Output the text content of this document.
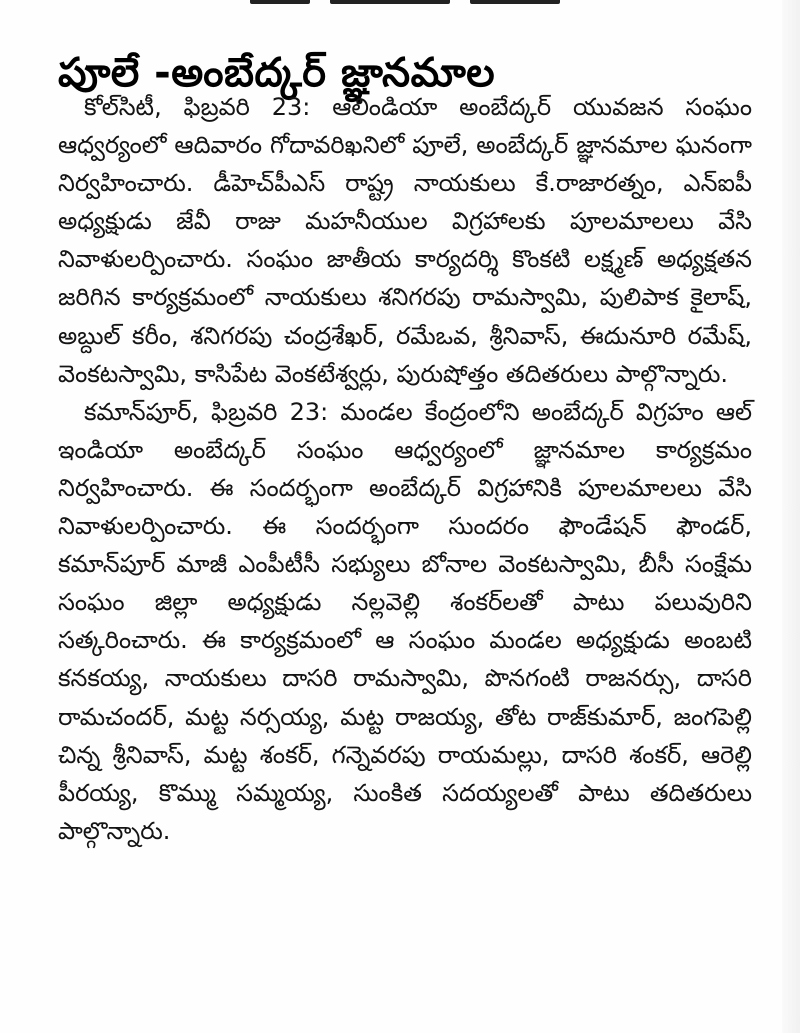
పూలే -అంబేద్కర్ జ్ఞానమాల

కోల్‌సిటీ, ఫిబ్రవరి 23: ఆలిండియా అంబేద్కర్ యువజన సంఘం ఆధ్వర్యంలో ఆదివారం గోదావరిఖనిలో పూలే, అంబేద్కర్ జ్ఞానమాల ఘనంగా నిర్వహించారు. డీహెచ్‌పీఎస్ రాష్ట్ర నాయకులు కే.రాజారత్నం, ఎన్ఐపీ అధ్యక్షుడు జేవీ రాజు మహనీయుల విగ్రహాలకు పూలమాలలు వేసి నివాళులర్పించారు. సంఘం జాతీయ కార్యదర్శి కొంకటి లక్ష్మణ్ అధ్యక్షతన జరిగిన కార్యక్రమంలో నాయకులు శనిగరపు రామస్వామి, పులిపాక కైలాష్, అబ్దుల్ కరీం, శనిగరపు చంద్రశేఖర్, రమేఒవ, శ్రీనివాస్, ఈదునూరి రమేష్, వెంకటస్వామి, కాసిపేట వెంకటేశ్వర్లు, పురుషోత్తం తదితరులు పాల్గొన్నారు.

కమాన్‌పూర్, ఫిబ్రవరి 23: మండల కేంద్రంలోని అంబేద్కర్ విగ్రహం ఆల్ ఇండియా అంబేద్కర్ సంఘం ఆధ్వర్యంలో జ్ఞానమాల కార్యక్రమం నిర్వహించారు. ఈ సందర్భంగా అంబేద్కర్ విగ్రహానికి పూలమాలలు వేసి నివాళులర్పించారు. ఈ సందర్భంగా సుందరం ఫౌండేషన్ ఫౌండర్, కమాన్‌పూర్ మాజీ ఎంపీటీసీ సభ్యులు బోనాల వెంకటస్వామి, బీసీ సంక్షేమ సంఘం జిల్లా అధ్యక్షుడు నల్లవెల్లి శంకర్‌లతో పాటు పలువురిని సత్కరించారు. ఈ కార్యక్రమంలో ఆ సంఘం మండల అధ్యక్షుడు అంబటి కనకయ్య, నాయకులు దాసరి రామస్వామి, పొనగంటి రాజనర్సు, దాసరి రామచందర్, మట్ట నర్సయ్య, మట్ట రాజయ్య, తోట రాజ్‌కుమార్, జంగపెల్లి చిన్న శ్రీనివాస్, మట్ట శంకర్, గన్నెవరపు రాయమల్లు, దాసరి శంకర్, ఆరెల్లి పీరయ్య, కొమ్ము సమ్మయ్య, సుంకిత సదయ్యలతో పాటు తదితరులు పాల్గొన్నారు.
